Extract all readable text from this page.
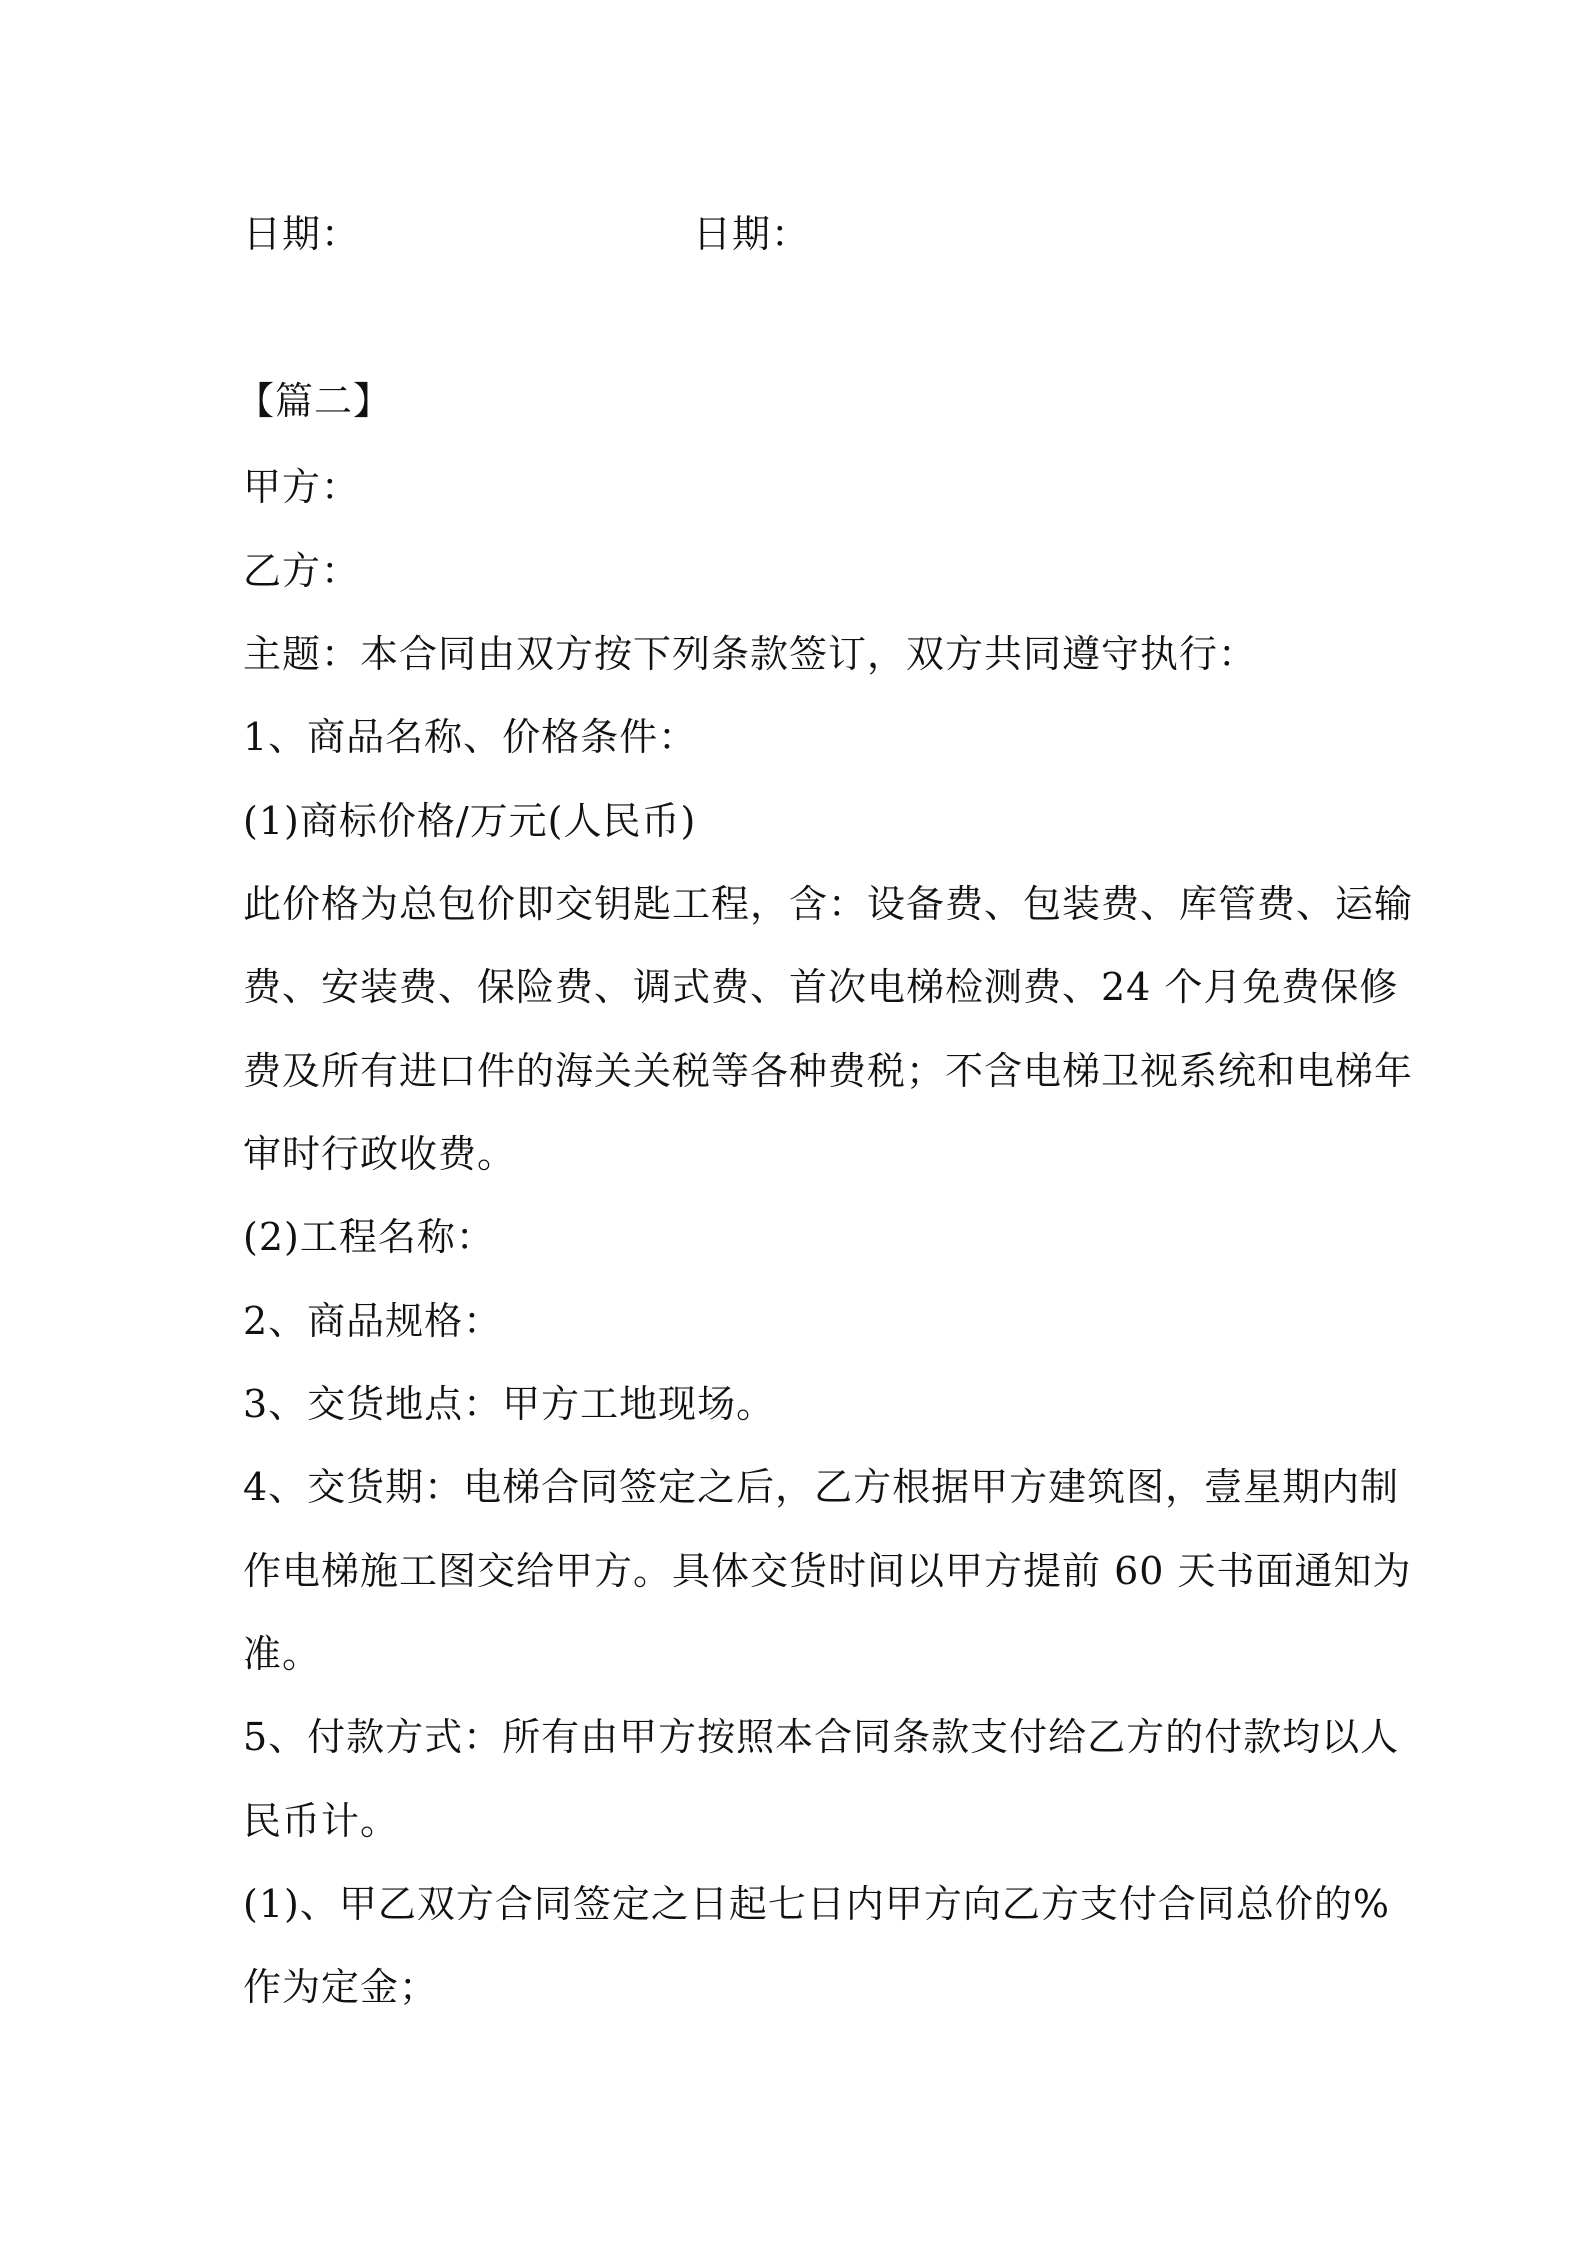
日期：	日期：
【篇二】
甲方：
乙方：
主题：本合同由双方按下列条款签订，双方共同遵守执行：
1、商品名称、价格条件：
(1)商标价格/万元(人民币)
此价格为总包价即交钥匙工程，含：设备费、包装费、库管费、运输
费、安装费、保险费、调式费、首次电梯检测费、24 个月免费保修
费及所有进口件的海关关税等各种费税；不含电梯卫视系统和电梯年
审时行政收费。
(2)工程名称：
2、商品规格：
3、交货地点：甲方工地现场。
4、交货期：电梯合同签定之后，乙方根据甲方建筑图，壹星期内制
作电梯施工图交给甲方。具体交货时间以甲方提前 60 天书面通知为
准。
5、付款方式：所有由甲方按照本合同条款支付给乙方的付款均以人
民币计。
(1)、甲乙双方合同签定之日起七日内甲方向乙方支付合同总价的%
作为定金；
